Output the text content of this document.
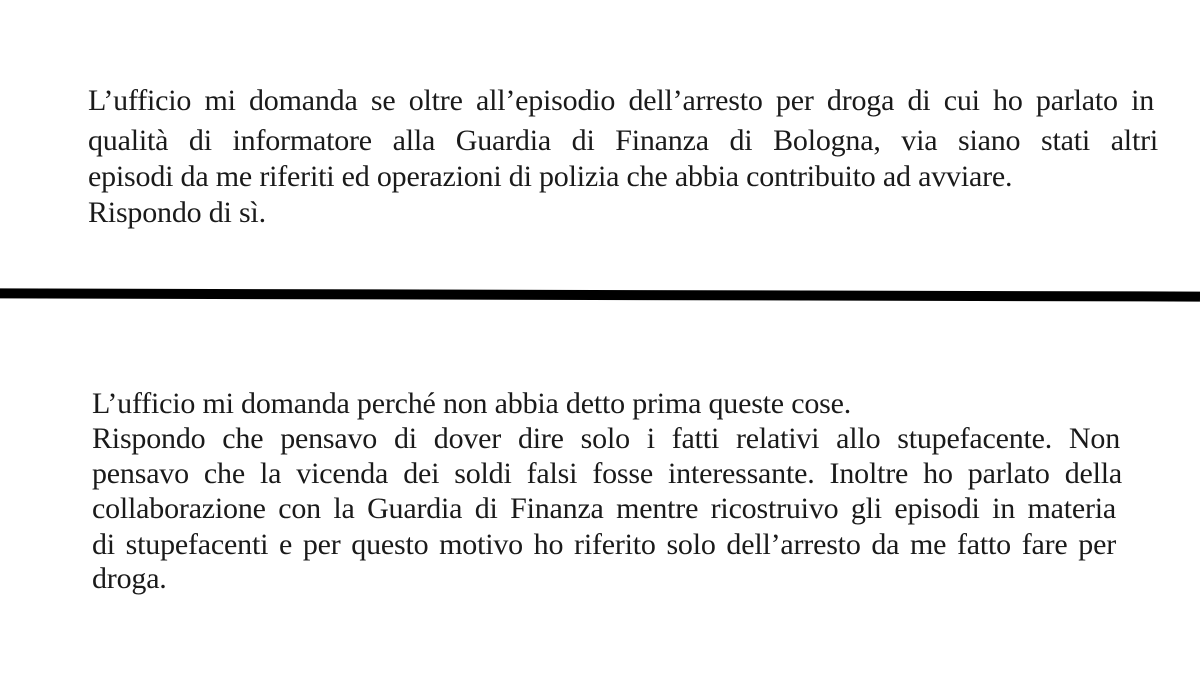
L’ufficio mi domanda se oltre all’episodio dell’arresto per droga di cui ho parlato in
qualità di informatore alla Guardia di Finanza di Bologna, via siano stati altri
episodi da me riferiti ed operazioni di polizia che abbia contribuito ad avviare.
Rispondo di sì.
L’ufficio mi domanda perché non abbia detto prima queste cose.
Rispondo che pensavo di dover dire solo i fatti relativi allo stupefacente. Non
pensavo che la vicenda dei soldi falsi fosse interessante. Inoltre ho parlato della
collaborazione con la Guardia di Finanza mentre ricostruivo gli episodi in materia
di stupefacenti e per questo motivo ho riferito solo dell’arresto da me fatto fare per
droga.
